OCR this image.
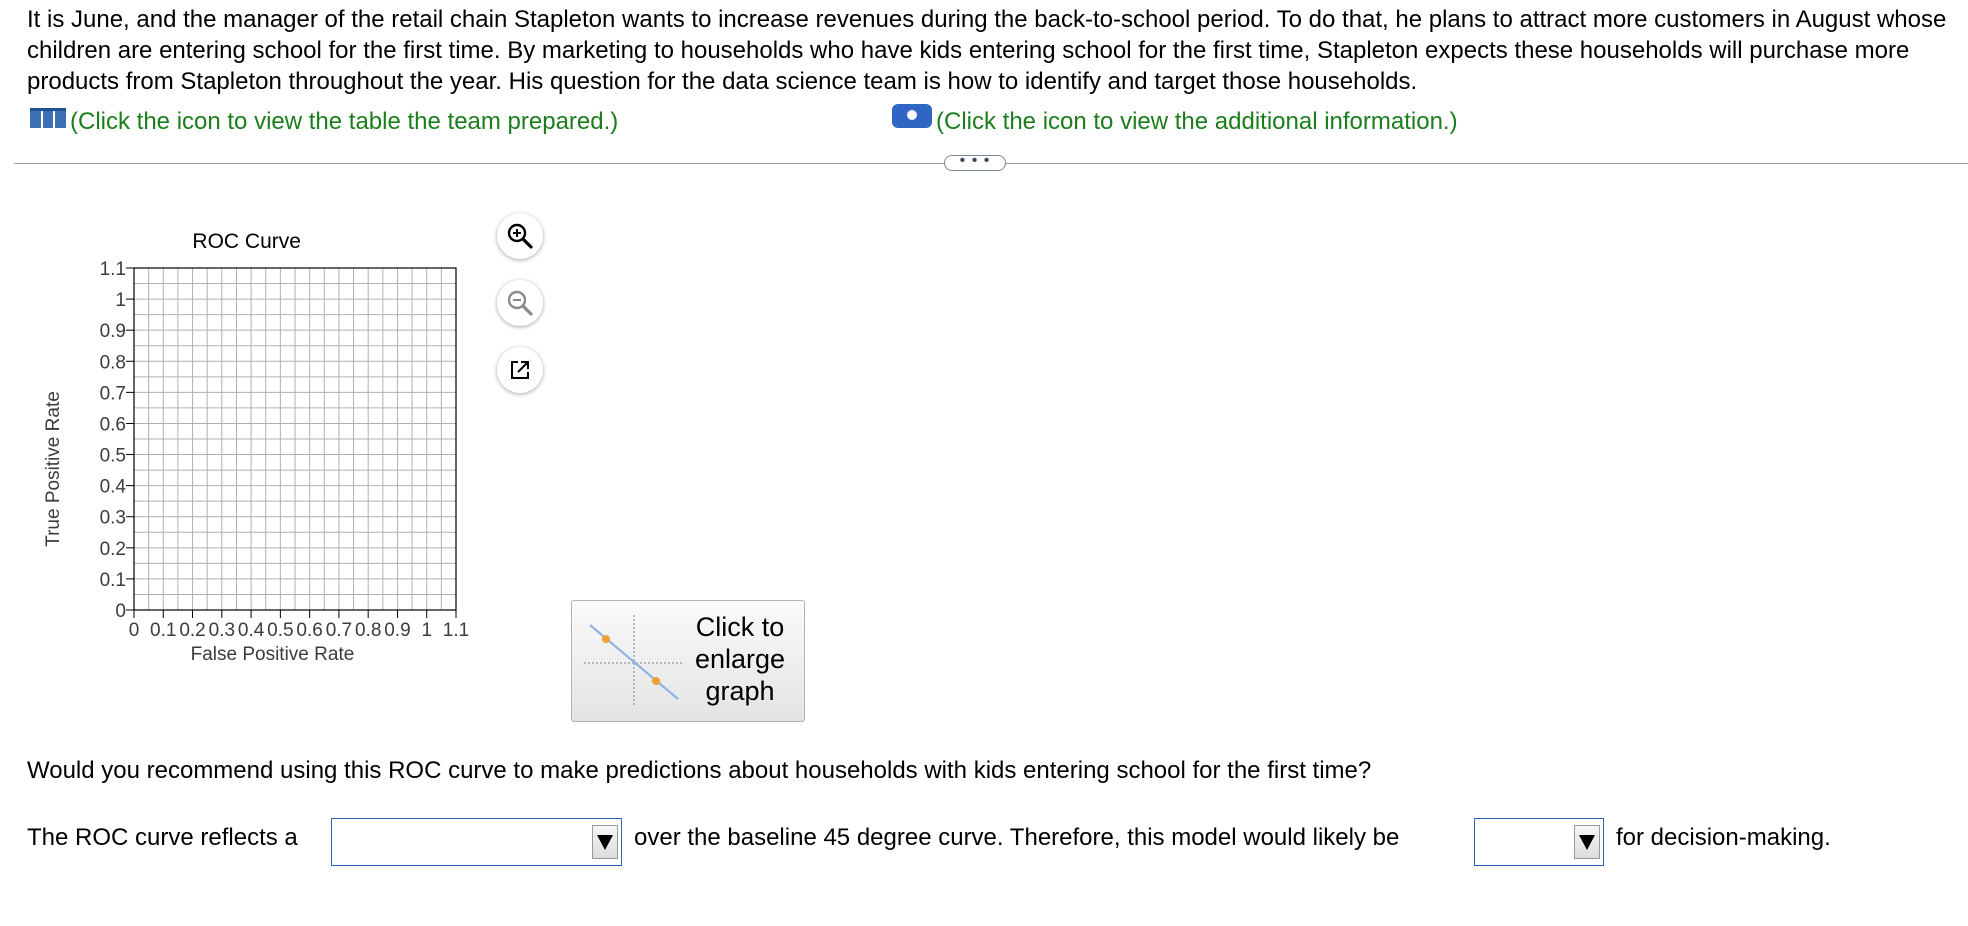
It is June, and the manager of the retail chain Stapleton wants to increase revenues during the back-to-school period. To do that, he plans to attract more customers in August whose children are entering school for the first time. By marketing to households who have kids entering school for the first time, Stapleton expects these households will purchase more products from Stapleton throughout the year. His question for the data science team is how to identify and target those households.

(Click the icon to view the table the team prepared.)	(Click the icon to view the additional information.)
• • •
ROC Curve
0
0.1
0.2
0.3
0.4
0.5
0.6
0.7
0.8
0.9
1
1.1
0 0.1 0.2 0.3 0.4 0.5 0.6 0.7 0.8 0.9 1 1.1
False Positive Rate
True Positive Rate
Click to enlarge graph

Would you recommend using this ROC curve to make predictions about households with kids entering school for the first time?

The ROC curve reflects a	over the baseline 45 degree curve. Therefore, this model would likely be	for decision-making.
